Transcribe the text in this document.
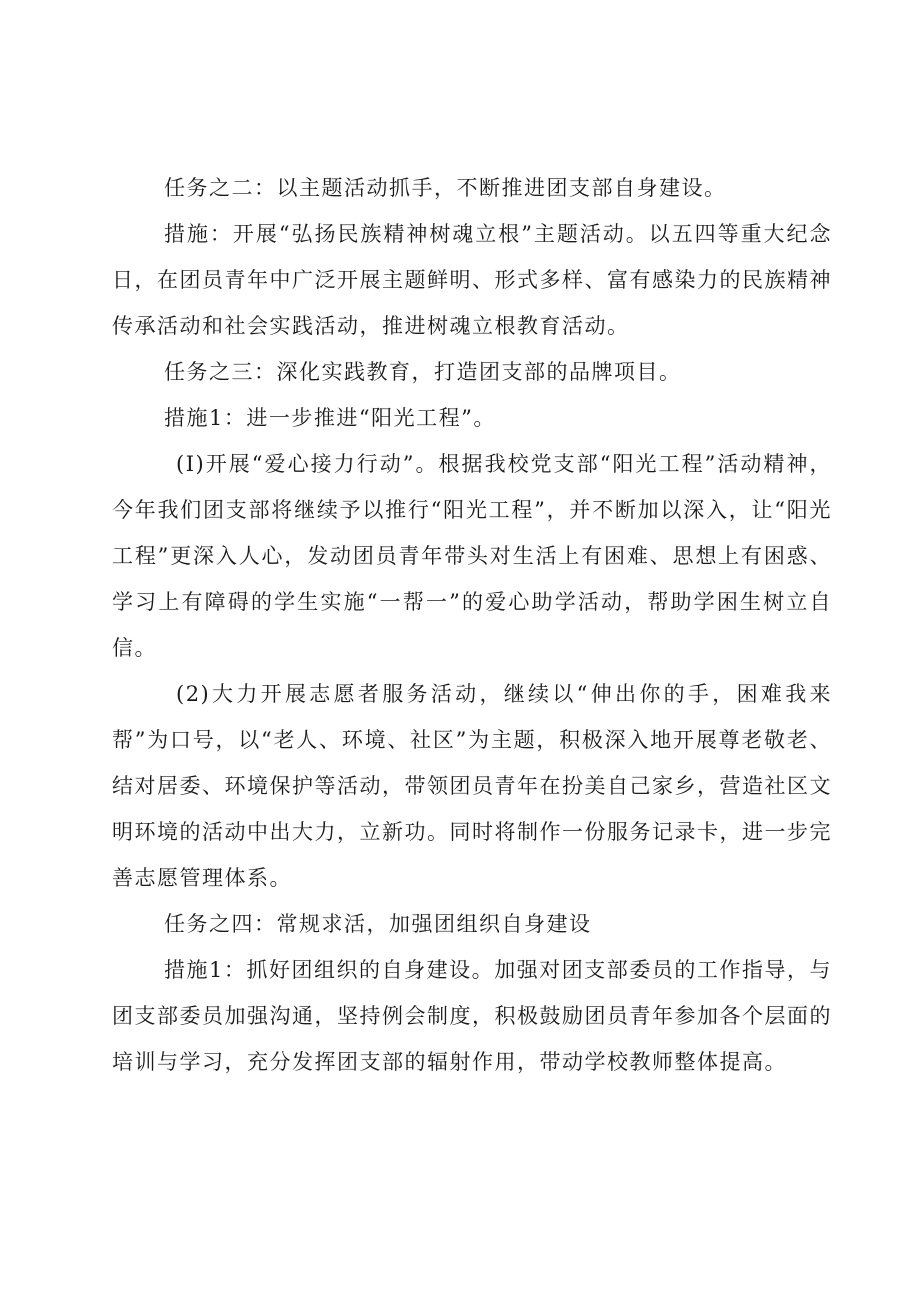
任务之二：以主题活动抓手，不断推进团支部自身建设。

措施：开展“弘扬民族精神树魂立根”主题活动。以五四等重大纪念日，在团员青年中广泛开展主题鲜明、形式多样、富有感染力的民族精神传承活动和社会实践活动，推进树魂立根教育活动。

任务之三：深化实践教育，打造团支部的品牌项目。

措施1：进一步推进“阳光工程”。

(I)开展“爱心接力行动”。根据我校党支部“阳光工程”活动精神，今年我们团支部将继续予以推行“阳光工程”，并不断加以深入，让“阳光工程”更深入人心，发动团员青年带头对生活上有困难、思想上有困惑、学习上有障碍的学生实施“一帮一”的爱心助学活动，帮助学困生树立自信。

(2)大力开展志愿者服务活动，继续以“伸出你的手，困难我来帮”为口号，以“老人、环境、社区”为主题，积极深入地开展尊老敬老、结对居委、环境保护等活动，带领团员青年在扮美自己家乡，营造社区文明环境的活动中出大力，立新功。同时将制作一份服务记录卡，进一步完善志愿管理体系。

任务之四：常规求活，加强团组织自身建设

措施1：抓好团组织的自身建设。加强对团支部委员的工作指导，与团支部委员加强沟通，坚持例会制度，积极鼓励团员青年参加各个层面的培训与学习，充分发挥团支部的辐射作用，带动学校教师整体提高。
